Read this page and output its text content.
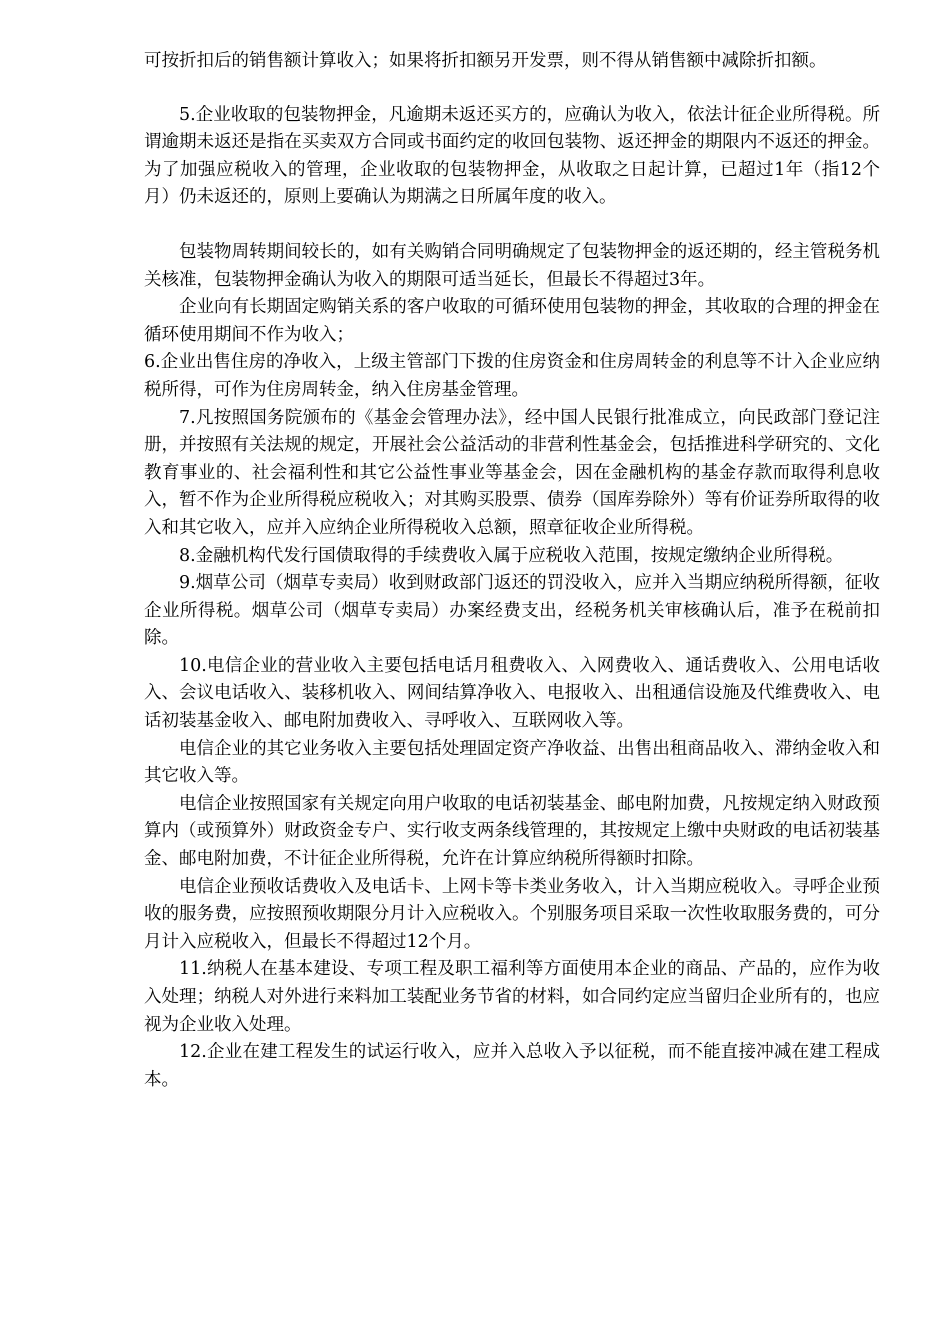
可按折扣后的销售额计算收入；如果将折扣额另开发票，则不得从销售额中减除折扣额。

5.企业收取的包装物押金，凡逾期未返还买方的，应确认为收入，依法计征企业所得税。所谓逾期未返还是指在买卖双方合同或书面约定的收回包装物、返还押金的期限内不返还的押金。为了加强应税收入的管理，企业收取的包装物押金，从收取之日起计算，已超过1年（指12个月）仍未返还的，原则上要确认为期满之日所属年度的收入。

包装物周转期间较长的，如有关购销合同明确规定了包装物押金的返还期的，经主管税务机关核准，包装物押金确认为收入的期限可适当延长，但最长不得超过3年。

企业向有长期固定购销关系的客户收取的可循环使用包装物的押金，其收取的合理的押金在循环使用期间不作为收入；

6.企业出售住房的净收入，上级主管部门下拨的住房资金和住房周转金的利息等不计入企业应纳税所得，可作为住房周转金，纳入住房基金管理。

7.凡按照国务院颁布的《基金会管理办法》，经中国人民银行批准成立，向民政部门登记注册，并按照有关法规的规定，开展社会公益活动的非营利性基金会，包括推进科学研究的、文化教育事业的、社会福利性和其它公益性事业等基金会，因在金融机构的基金存款而取得利息收入，暂不作为企业所得税应税收入；对其购买股票、债券（国库券除外）等有价证券所取得的收入和其它收入，应并入应纳企业所得税收入总额，照章征收企业所得税。

8.金融机构代发行国债取得的手续费收入属于应税收入范围，按规定缴纳企业所得税。

9.烟草公司（烟草专卖局）收到财政部门返还的罚没收入，应并入当期应纳税所得额，征收企业所得税。烟草公司（烟草专卖局）办案经费支出，经税务机关审核确认后，准予在税前扣除。

10.电信企业的营业收入主要包括电话月租费收入、入网费收入、通话费收入、公用电话收入、会议电话收入、装移机收入、网间结算净收入、电报收入、出租通信设施及代维费收入、电话初装基金收入、邮电附加费收入、寻呼收入、互联网收入等。

电信企业的其它业务收入主要包括处理固定资产净收益、出售出租商品收入、滞纳金收入和其它收入等。

电信企业按照国家有关规定向用户收取的电话初装基金、邮电附加费，凡按规定纳入财政预算内（或预算外）财政资金专户、实行收支两条线管理的，其按规定上缴中央财政的电话初装基金、邮电附加费，不计征企业所得税，允许在计算应纳税所得额时扣除。

电信企业预收话费收入及电话卡、上网卡等卡类业务收入，计入当期应税收入。寻呼企业预收的服务费，应按照预收期限分月计入应税收入。个别服务项目采取一次性收取服务费的，可分月计入应税收入，但最长不得超过12个月。

11.纳税人在基本建设、专项工程及职工福利等方面使用本企业的商品、产品的，应作为收入处理；纳税人对外进行来料加工装配业务节省的材料，如合同约定应当留归企业所有的，也应视为企业收入处理。

12.企业在建工程发生的试运行收入，应并入总收入予以征税，而不能直接冲减在建工程成本。
